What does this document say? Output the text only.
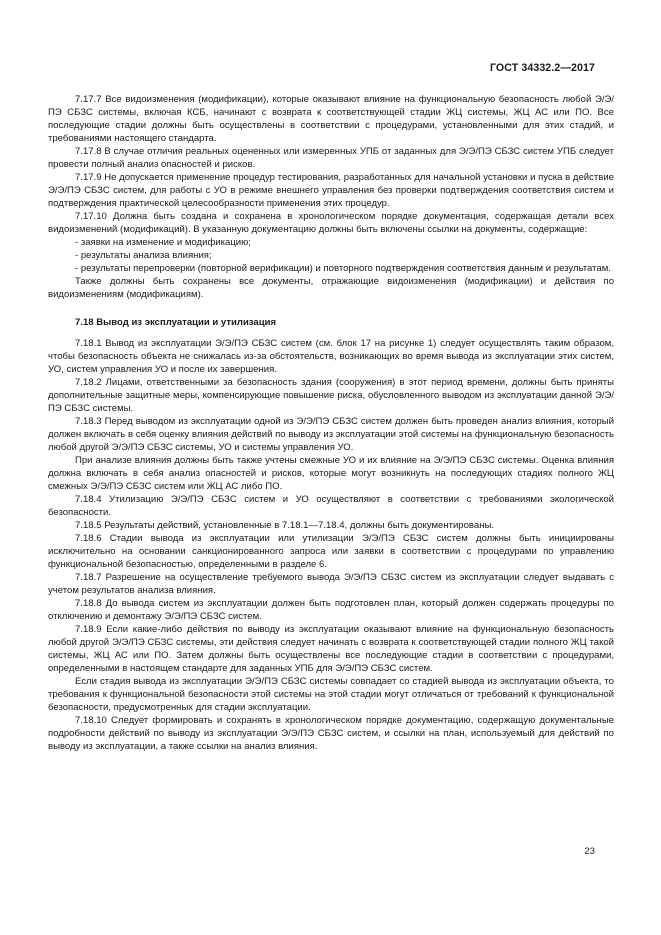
ГОСТ 34332.2—2017

7.17.7 Все видоизменения (модификации), которые оказывают влияние на функциональную безопасность любой Э/Э/ПЭ СБЗС системы, включая КСБ, начинают с возврата к соответствующей стадии ЖЦ системы, ЖЦ АС или ПО. Все последующие стадии должны быть осуществлены в соответствии с процедурами, установленными для этих стадий, и требованиями настоящего стандарта.

7.17.8 В случае отличия реальных оцененных или измеренных УПБ от заданных для Э/Э/ПЭ СБЗС систем УПБ следует провести полный анализ опасностей и рисков.

7.17.9 Не допускается применение процедур тестирования, разработанных для начальной установки и пуска в действие Э/Э/ПЭ СБЗС систем, для работы с УО в режиме внешнего управления без проверки подтверждения соответствия систем и подтверждения практической целесообразности применения этих процедур.

7.17.10 Должна быть создана и сохранена в хронологическом порядке документация, содержащая детали всех видоизменений (модификаций). В указанную документацию должны быть включены ссылки на документы, содержащие:

- заявки на изменение и модификацию;

- результаты анализа влияния;

- результаты перепроверки (повторной верификации) и повторного подтверждения соответствия данным и результатам.

Также должны быть сохранены все документы, отражающие видоизменения (модификации) и действия по видоизменениям (модификациям).

7.18 Вывод из эксплуатации и утилизация

7.18.1 Вывод из эксплуатации Э/Э/ПЭ СБЗС систем (см. блок 17 на рисунке 1) следует осуществлять таким образом, чтобы безопасность объекта не снижалась из-за обстоятельств, возникающих во время вывода из эксплуатации этих систем, УО, систем управления УО и после их завершения.

7.18.2 Лицами, ответственными за безопасность здания (сооружения) в этот период времени, должны быть приняты дополнительные защитные меры, компенсирующие повышение риска, обусловленного выводом из эксплуатации данной Э/Э/ПЭ СБЗС системы.

7.18.3 Перед выводом из эксплуатации одной из Э/Э/ПЭ СБЗС систем должен быть проведен анализ влияния, который должен включать в себя оценку влияния действий по выводу из эксплуатации этой системы на функциональную безопасность любой другой Э/Э/ПЭ СБЗС системы, УО и системы управления УО.

При анализе влияния должны быть также учтены смежные УО и их влияние на Э/Э/ПЭ СБЗС системы. Оценка влияния должна включать в себя анализ опасностей и рисков, которые могут возникнуть на последующих стадиях полного ЖЦ смежных Э/Э/ПЭ СБЗС систем или ЖЦ АС либо ПО.

7.18.4 Утилизацию Э/Э/ПЭ СБЗС систем и УО осуществляют в соответствии с требованиями экологической безопасности.

7.18.5 Результаты действий, установленные в 7.18.1—7.18.4, должны быть документированы.

7.18.6 Стадии вывода из эксплуатации или утилизации Э/Э/ПЭ СБЗС систем должны быть инициированы исключительно на основании санкционированного запроса или заявки в соответствии с процедурами по управлению функциональной безопасностью, определенными в разделе 6.

7.18.7 Разрешение на осуществление требуемого вывода Э/Э/ПЭ СБЗС систем из эксплуатации следует выдавать с учетом результатов анализа влияния.

7.18.8 До вывода систем из эксплуатации должен быть подготовлен план, который должен содержать процедуры по отключению и демонтажу Э/Э/ПЭ СБЗС систем.

7.18.9 Если какие-либо действия по выводу из эксплуатации оказывают влияние на функциональную безопасность любой другой Э/Э/ПЭ СБЗС системы, эти действия следует начинать с возврата к соответствующей стадии полного ЖЦ такой системы, ЖЦ АС или ПО. Затем должны быть осуществлены все последующие стадии в соответствии с процедурами, определенными в настоящем стандарте для заданных УПБ для Э/Э/ПЭ СБЗС систем.

Если стадия вывода из эксплуатации Э/Э/ПЭ СБЗС системы совпадает со стадией вывода из эксплуатации объекта, то требования к функциональной безопасности этой системы на этой стадии могут отличаться от требований к функциональной безопасности, предусмотренных для стадии эксплуатации.

7.18.10 Следует формировать и сохранять в хронологическом порядке документацию, содержащую документальные подробности действий по выводу из эксплуатации Э/Э/ПЭ СБЗС систем, и ссылки на план, используемый для действий по выводу из эксплуатации, а также ссылки на анализ влияния.

23
